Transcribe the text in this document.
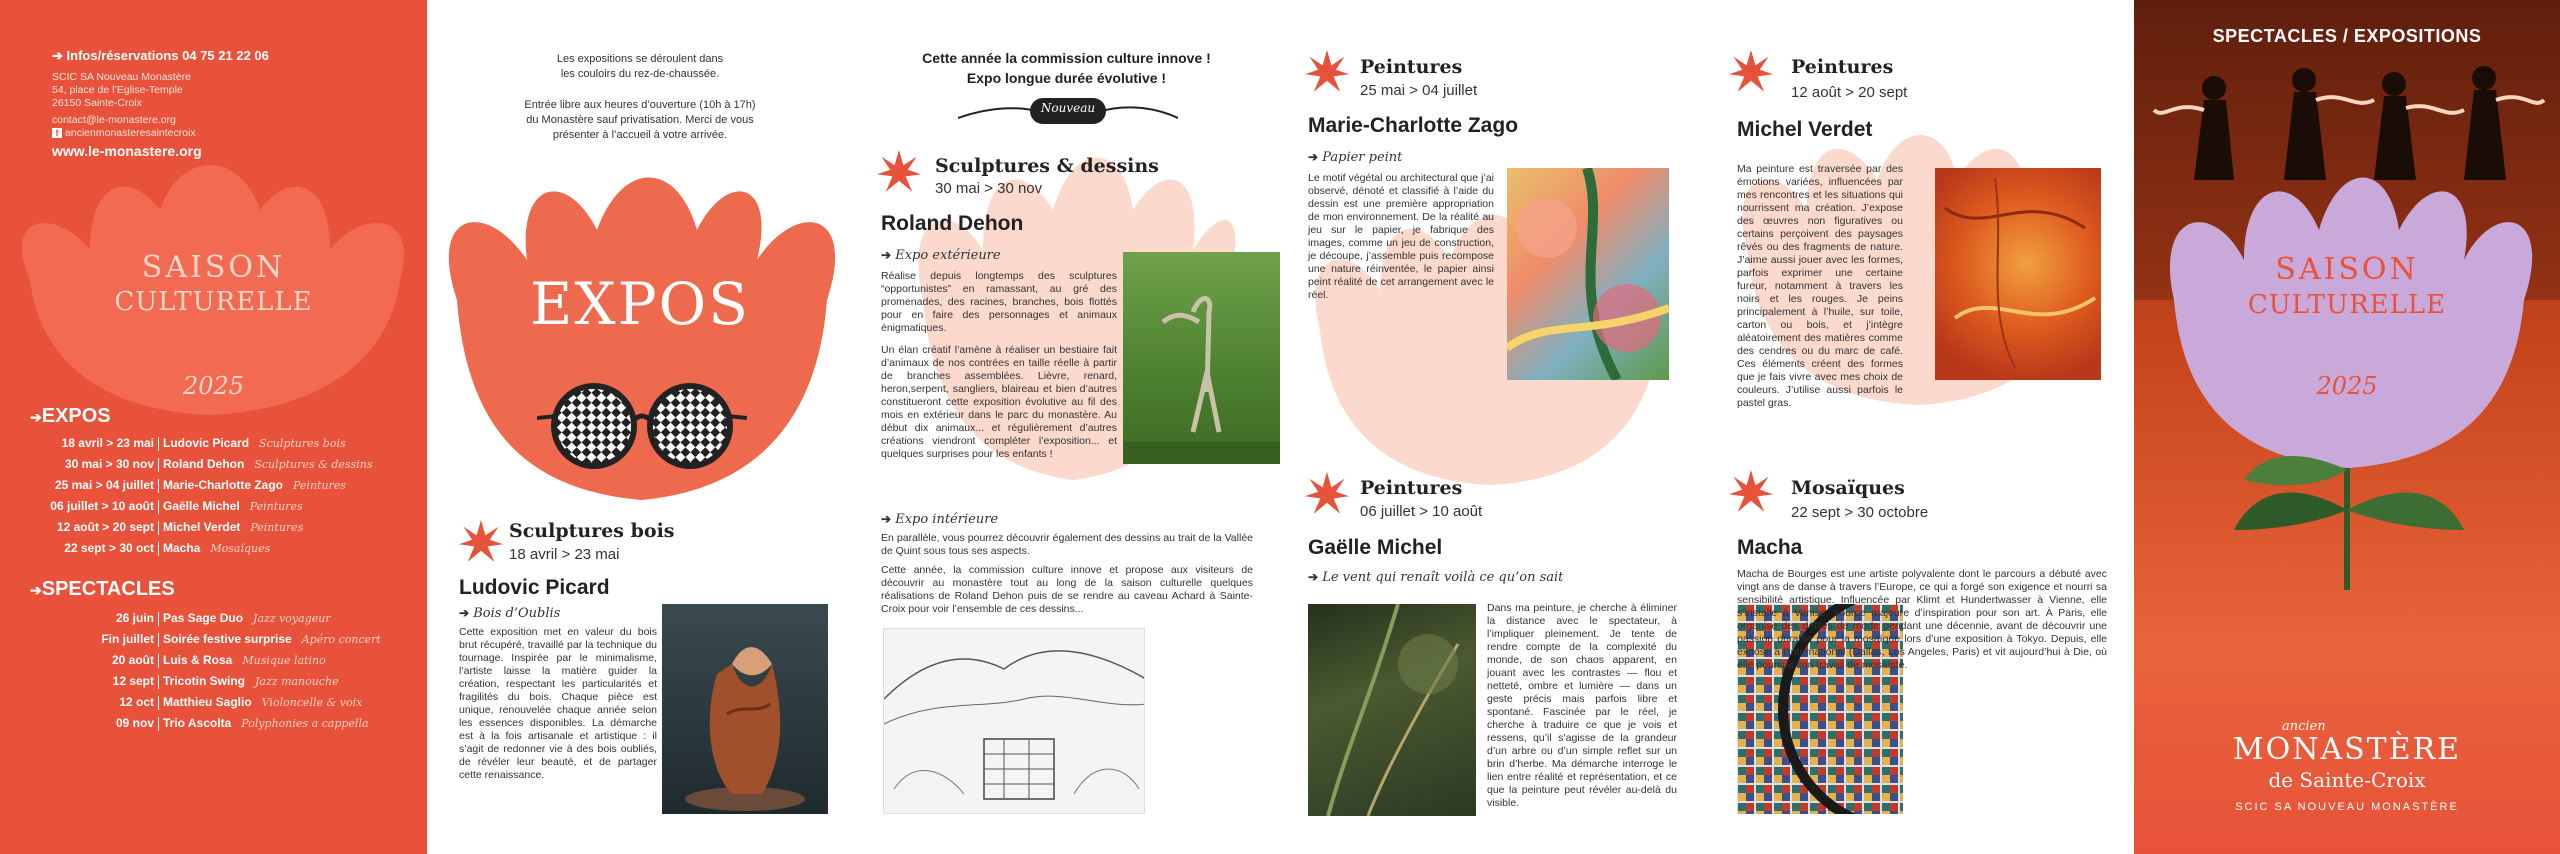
➔ Infos/réservations 04 75 21 22 06
SCIC SA Nouveau Monastère
54, place de l’Eglise-Temple
26150 Sainte-Croix
contact@le-monastere.org
f ancienmonasteresaintecroix
www.le-monastere.org
SAISON
CULTURELLE
2025
➔EXPOS
18 avril > 23 mai Ludovic Picard Sculptures bois
30 mai > 30 nov Roland Dehon Sculptures & dessins
25 mai > 04 juillet Marie-Charlotte Zago Peintures
06 juillet > 10 août Gaëlle Michel Peintures
12 août > 20 sept Michel Verdet Peintures
22 sept > 30 oct Macha Mosaïques
➔SPECTACLES
26 juin Pas Sage Duo Jazz voyageur
Fin juillet Soirée festive surprise Apéro concert
20 août Luis & Rosa Musique latino
12 sept Tricotin Swing Jazz manouche
12 oct Matthieu Saglio Violoncelle & voix
09 nov Trio Ascolta Polyphonies a cappella
Les expositions se déroulent dans
les couloirs du rez-de-chaussée.
Entrée libre aux heures d’ouverture (10h à 17h)
du Monastère sauf privatisation. Merci de vous
présenter à l’accueil à votre arrivée.
EXPOS
Sculptures bois
18 avril > 23 mai
Ludovic Picard
➔ Bois d’Oublis
Cette exposition met en valeur du bois brut récupéré, travaillé par la technique du tournage. Inspirée par le minimalisme, l’artiste laisse la matière guider la création, respectant les particularités et fragilités du bois. Chaque pièce est unique, renouvelée chaque année selon les essences disponibles. La démarche est à la fois artisanale et artistique : il s’agit de redonner vie à des bois oubliés, de révéler leur beauté, et de partager cette renaissance.
Cette année la commission culture innove !
Expo longue durée évolutive !
Nouveau
Sculptures & dessins
30 mai > 30 nov
Roland Dehon
➔ Expo extérieure
Réalise depuis longtemps des sculptures “opportunistes” en ramassant, au gré des promenades, des racines, branches, bois flottés pour en faire des personnages et animaux énigmatiques.
Un élan créatif l’amène à réaliser un bestiaire fait d’animaux de nos contrées en taille réelle à partir de branches assemblées. Lièvre, renard, heron,serpent, sangliers, blaireau et bien d’autres constitueront cette exposition évolutive au fil des mois en extérieur dans le parc du monastère. Au début dix animaux... et régulièrement d’autres créations viendront compléter l’exposition... et quelques surprises pour les enfants !
➔ Expo intérieure
En parallèle, vous pourrez découvrir également des dessins au trait de la Vallée de Quint sous tous ses aspects.
Cette année, la commission culture innove et propose aux visiteurs de découvrir au monastère tout au long de la saison culturelle quelques réalisations de Roland Dehon puis de se rendre au caveau Achard à Sainte-Croix pour voir l’ensemble de ces dessins...
Peintures
25 mai > 04 juillet
Marie-Charlotte Zago
➔ Papier peint
Le motif végétal ou architectural que j’ai observé, dénoté et classifié à l’aide du dessin est une première appropriation de mon environnement. De la réalité au jeu sur le papier, je fabrique des images, comme un jeu de construction, je découpe, j’assemble puis recompose une nature réinventée, le papier ainsi peint réalité de cet arrangement avec le réel.
Peintures
06 juillet > 10 août
Gaëlle Michel
➔ Le vent qui renaît voilà ce qu’on sait
Dans ma peinture, je cherche à éliminer la distance avec le spectateur, à l’impliquer pleinement. Je tente de rendre compte de la complexité du monde, de son chaos apparent, en jouant avec les contrastes — flou et netteté, ombre et lumière — dans un geste précis mais parfois libre et spontané. Fascinée par le réel, je cherche à traduire ce que je vois et ressens, qu’il s’agisse de la grandeur d’un arbre ou d’un simple reflet sur un brin d’herbe. Ma démarche interroge le lien entre réalité et représentation, et ce que la peinture peut révéler au-delà du visible.
Peintures
12 août > 20 sept
Michel Verdet
Ma peinture est traversée par des émotions variées, influencées par mes rencontres et les situations qui nourrissent ma création. J’expose des œuvres non figuratives ou certains perçoivent des paysages rêvés ou des fragments de nature. J’aime aussi jouer avec les formes, parfois exprimer une certaine fureur, notamment à travers les noirs et les rouges. Je peins principalement à l’huile, sur toile, carton ou bois, et j’intègre aléatoirement des matières comme des cendres ou du marc de café. Ces éléments créent des formes que je fais vivre avec mes choix de couleurs. J’utilise aussi parfois le pastel gras.
Mosaïques
22 sept > 30 octobre
Macha
Macha de Bourges est une artiste polyvalente dont le parcours a débuté avec vingt ans de danse à travers l’Europe, ce qui a forgé son exigence et nourri sa sensibilité artistique. Influencée par Klimt et Hundertwasser à Vienne, elle s’installe à Venise, source majeure d’inspiration pour son art. À Paris, elle organise des défilés de mode pendant une décennie, avant de découvrir une passion durable pour la mosaïque lors d’une exposition à Tokyo. Depuis, elle expose à l’international (Dallas, Los Angeles, Paris) et vit aujourd’hui à Die, où elle poursuit son travail de mosaïste.
SPECTACLES / EXPOSITIONS
SAISON
CULTURELLE
2025
ancien
MONASTÈRE
de Sainte-Croix
SCIC SA NOUVEAU MONASTÈRE
